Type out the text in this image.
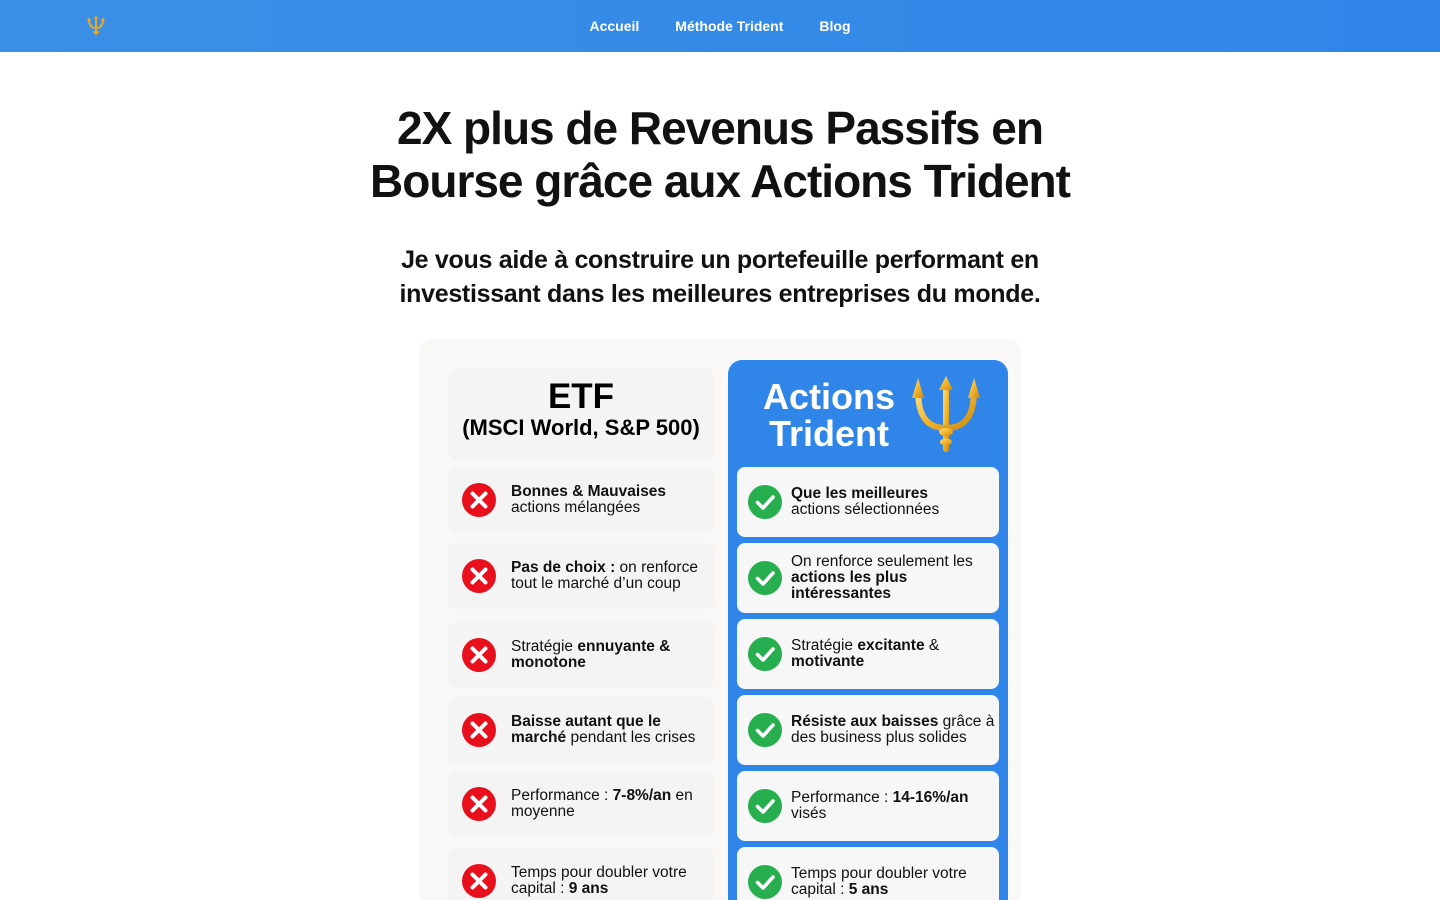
Accueil	Méthode Trident	Blog
2X plus de Revenus Passifs en
Bourse grâce aux Actions Trident
Je vous aide à construire un portefeuille performant en
investissant dans les meilleures entreprises du monde.
ETF
(MSCI World, S&P 500)
Actions
Trident
Bonnes & Mauvaises
actions mélangées
Pas de choix : on renforce tout le marché d’un coup
Stratégie ennuyante & monotone
Baisse autant que le marché pendant les crises
Performance : 7-8%/an en moyenne
Temps pour doubler votre capital : 9 ans
Que les meilleures
actions sélectionnées
On renforce seulement les actions les plus intéressantes
Stratégie excitante & motivante
Résiste aux baisses grâce à des business plus solides
Performance : 14-16%/an visés
Temps pour doubler votre capital : 5 ans
